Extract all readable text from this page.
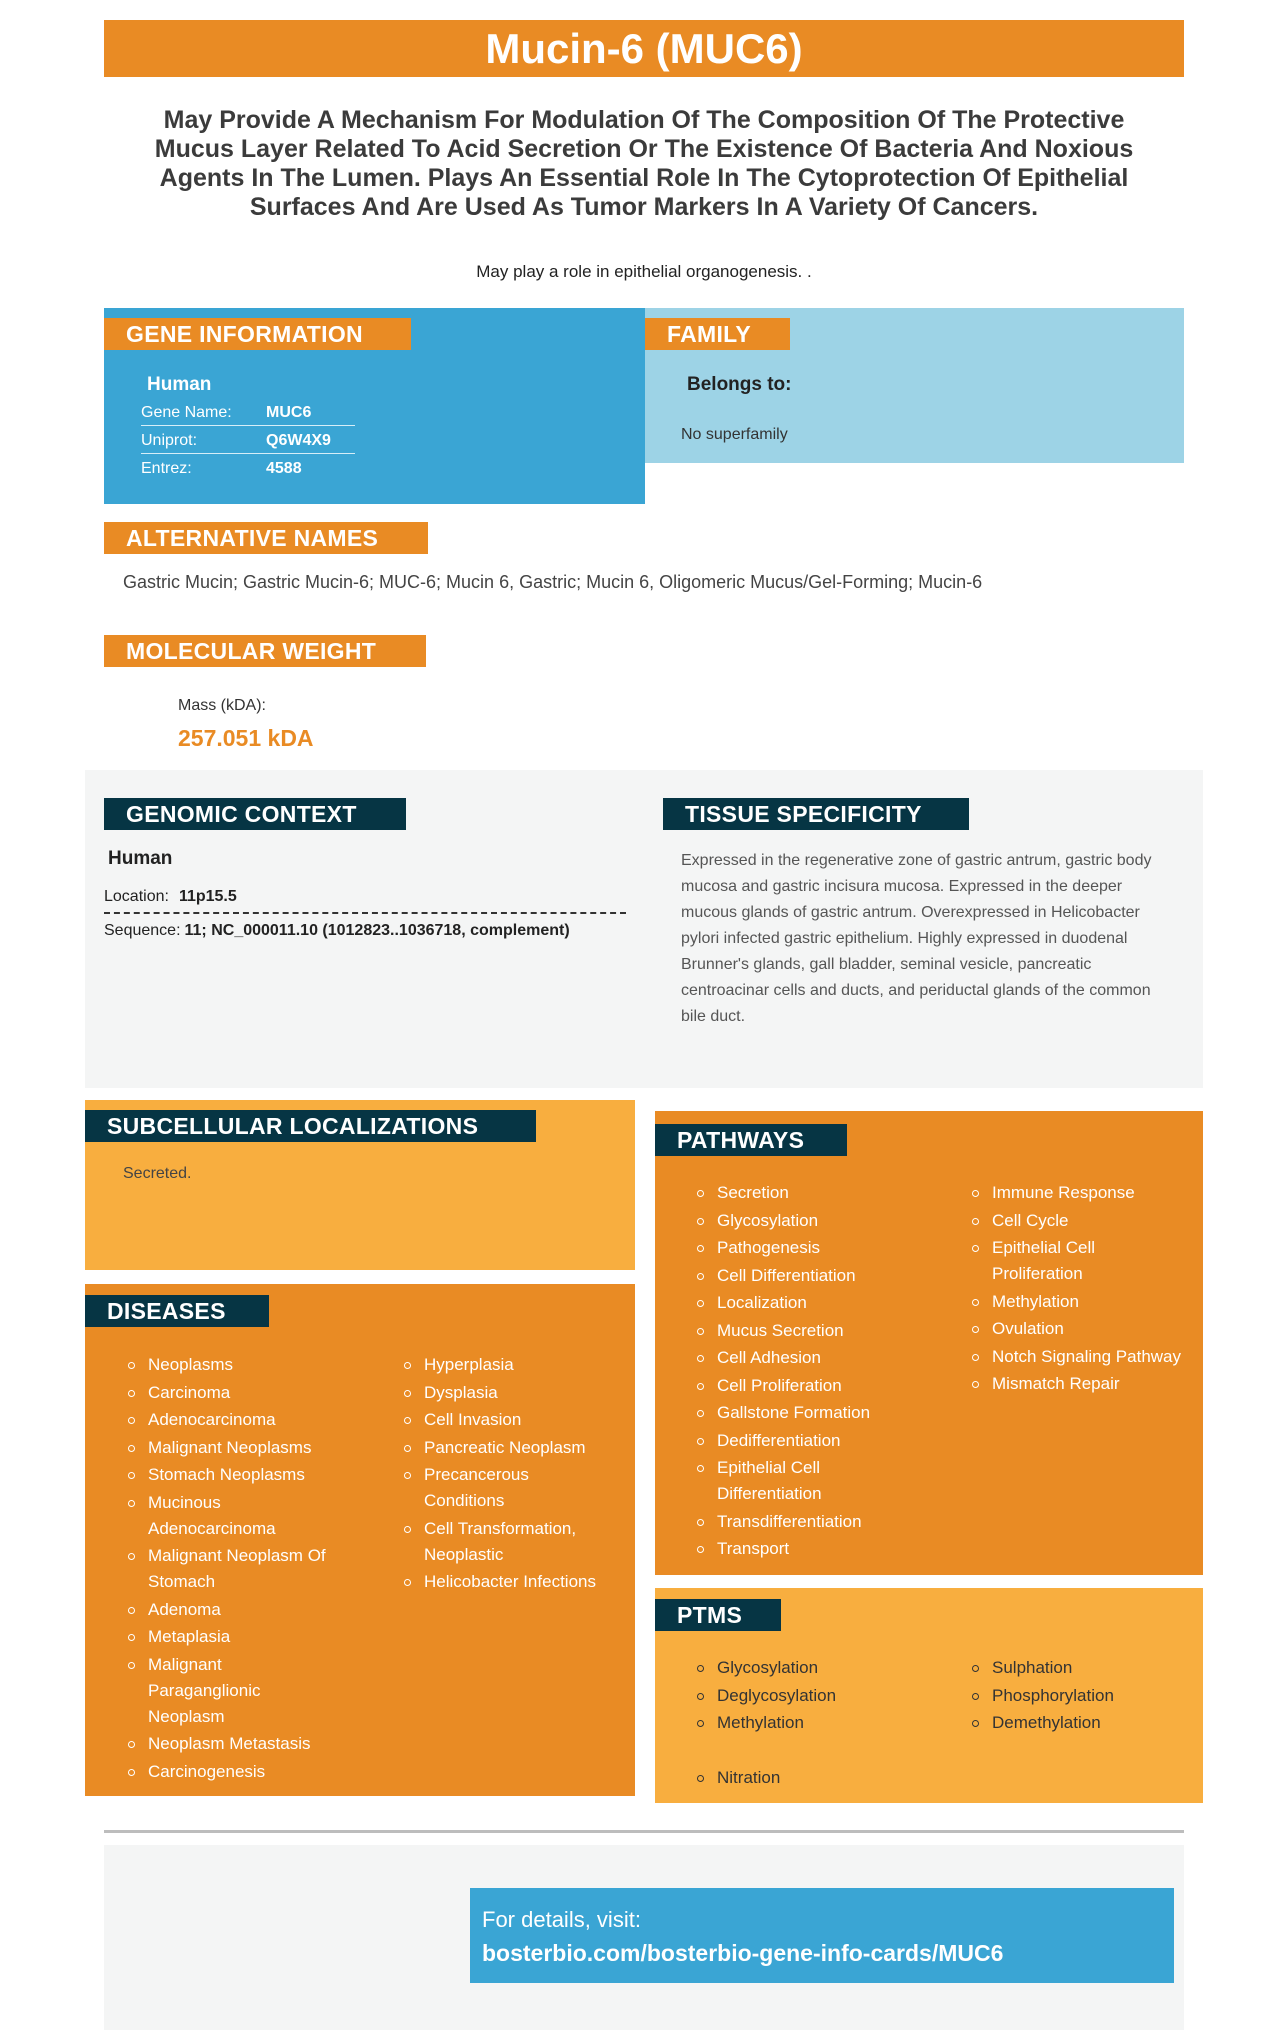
Mucin-6 (MUC6)
May Provide A Mechanism For Modulation Of The Composition Of The Protective Mucus Layer Related To Acid Secretion Or The Existence Of Bacteria And Noxious Agents In The Lumen. Plays An Essential Role In The Cytoprotection Of Epithelial Surfaces And Are Used As Tumor Markers In A Variety Of Cancers.
May play a role in epithelial organogenesis. .
GENE INFORMATION	FAMILY
Human
Gene Name: MUC6
Uniprot:	Q6W4X9
Entrez:	4588
Belongs to:
No superfamily
ALTERNATIVE NAMES
Gastric Mucin; Gastric Mucin-6; MUC-6; Mucin 6, Gastric; Mucin 6, Oligomeric Mucus/Gel-Forming; Mucin-6
MOLECULAR WEIGHT
Mass (kDA):
257.051 kDA
GENOMIC CONTEXT	TISSUE SPECIFICITY
Human
Location: 11p15.5
Sequence: 11; NC_000011.10 (1012823..1036718, complement)
Expressed in the regenerative zone of gastric antrum, gastric body mucosa and gastric incisura mucosa. Expressed in the deeper mucous glands of gastric antrum. Overexpressed in Helicobacter pylori infected gastric epithelium. Highly expressed in duodenal Brunner's glands, gall bladder, seminal vesicle, pancreatic centroacinar cells and ducts, and periductal glands of the common bile duct.
SUBCELLULAR LOCALIZATIONS
Secreted.
DISEASES
Neoplasms
Carcinoma
Adenocarcinoma
Malignant Neoplasms
Stomach Neoplasms
Mucinous Adenocarcinoma
Malignant Neoplasm Of Stomach
Adenoma
Metaplasia
Malignant Paraganglionic Neoplasm
Neoplasm Metastasis
Carcinogenesis
Hyperplasia
Dysplasia
Cell Invasion
Pancreatic Neoplasm
Precancerous Conditions
Cell Transformation, Neoplastic
Helicobacter Infections
PATHWAYS
Secretion
Glycosylation
Pathogenesis
Cell Differentiation
Localization
Mucus Secretion
Cell Adhesion
Cell Proliferation
Gallstone Formation
Dedifferentiation
Epithelial Cell Differentiation
Transdifferentiation
Transport
Immune Response
Cell Cycle
Epithelial Cell Proliferation
Methylation
Ovulation
Notch Signaling Pathway
Mismatch Repair
PTMS
Glycosylation
Deglycosylation
Methylation
Sulphation
Phosphorylation
Demethylation
Nitration
For details, visit:
bosterbio.com/bosterbio-gene-info-cards/MUC6
